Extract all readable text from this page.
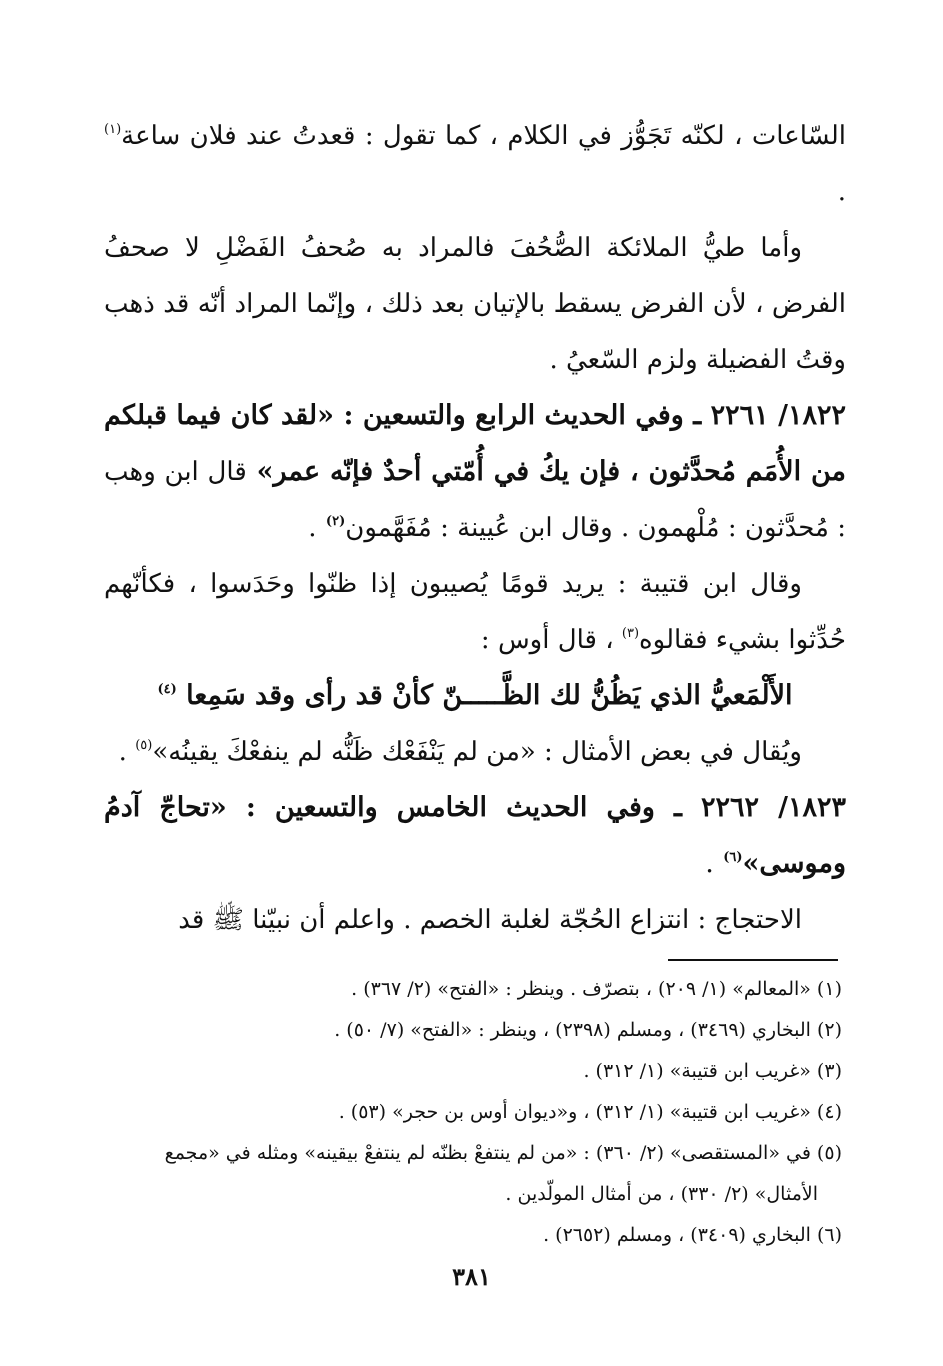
السّاعات ، لكنّه تَجَوُّز في الكلام ، كما تقول : قعدتُ عند فلان ساعة$^{(١)}$ .

وأما طيُّ الملائكة الصُّحُفَ فالمراد به صُحفُ الفَضْلِ لا صحفُ الفرض ، لأن الفرض يسقط بالإتيان بعد ذلك ، وإنّما المراد أنّه قد ذهب وقتُ الفضيلة ولزم السّعيُ .

١٨٢٢/ ٢٢٦١ ـ وفي الحديث الرابع والتسعين : «لقد كان فيما قبلكم من الأُمَم مُحدَّثون ، فإن يكُ في أُمّتي أحدٌ فإنّه عمر» قال ابن وهب : مُحدَّثون : مُلْهمون . وقال ابن عُيينة : مُفَهَّمون$^{(٢)}$ .

وقال ابن قتيبة : يريد قومًا يُصيبون إذا ظنّوا وحَدَسوا ، فكأنّهم حُدِّثوا بشيء فقالوه$^{(٣)}$ ، قال أوس :

الأَلْمَعيُّ الذي يَظُنُّ لك الظَّـــــنّ كأنْ قد رأى وقد سَمِعا $^{(٤)}$

ويُقال في بعض الأمثال : «من لم يَنْفَعْك ظَنُّه لم ينفعْكَ يقينُه»$^{(٥)}$ .

١٨٢٣/ ٢٢٦٢ ـ وفي الحديث الخامس والتسعين : «تحاجّ آدمُ وموسى»$^{(٦)}$ .

الاحتجاج : انتزاع الحُجّة لغلبة الخصم . واعلم أن نبيّنا ﷺ قد

(١) «المعالم» (١/ ٢٠٩) ، بتصرّف . وينظر : «الفتح» (٢/ ٣٦٧) .

(٢) البخاري (٣٤٦٩) ، ومسلم (٢٣٩٨) ، وينظر : «الفتح» (٧/ ٥٠) .

(٣) «غريب ابن قتيبة» (١/ ٣١٢) .

(٤) «غريب ابن قتيبة» (١/ ٣١٢) ، و«ديوان أوس بن حجر» (٥٣) .

(٥) في «المستقصى» (٢/ ٣٦٠) : «من لم ينتفعْ بظنّه لم ينتفعْ بيقينه» ومثله في «مجمع

الأمثال» (٢/ ٣٣٠) ، من أمثال المولّدين .

(٦) البخاري (٣٤٠٩) ، ومسلم (٢٦٥٢) .

٣٨١
